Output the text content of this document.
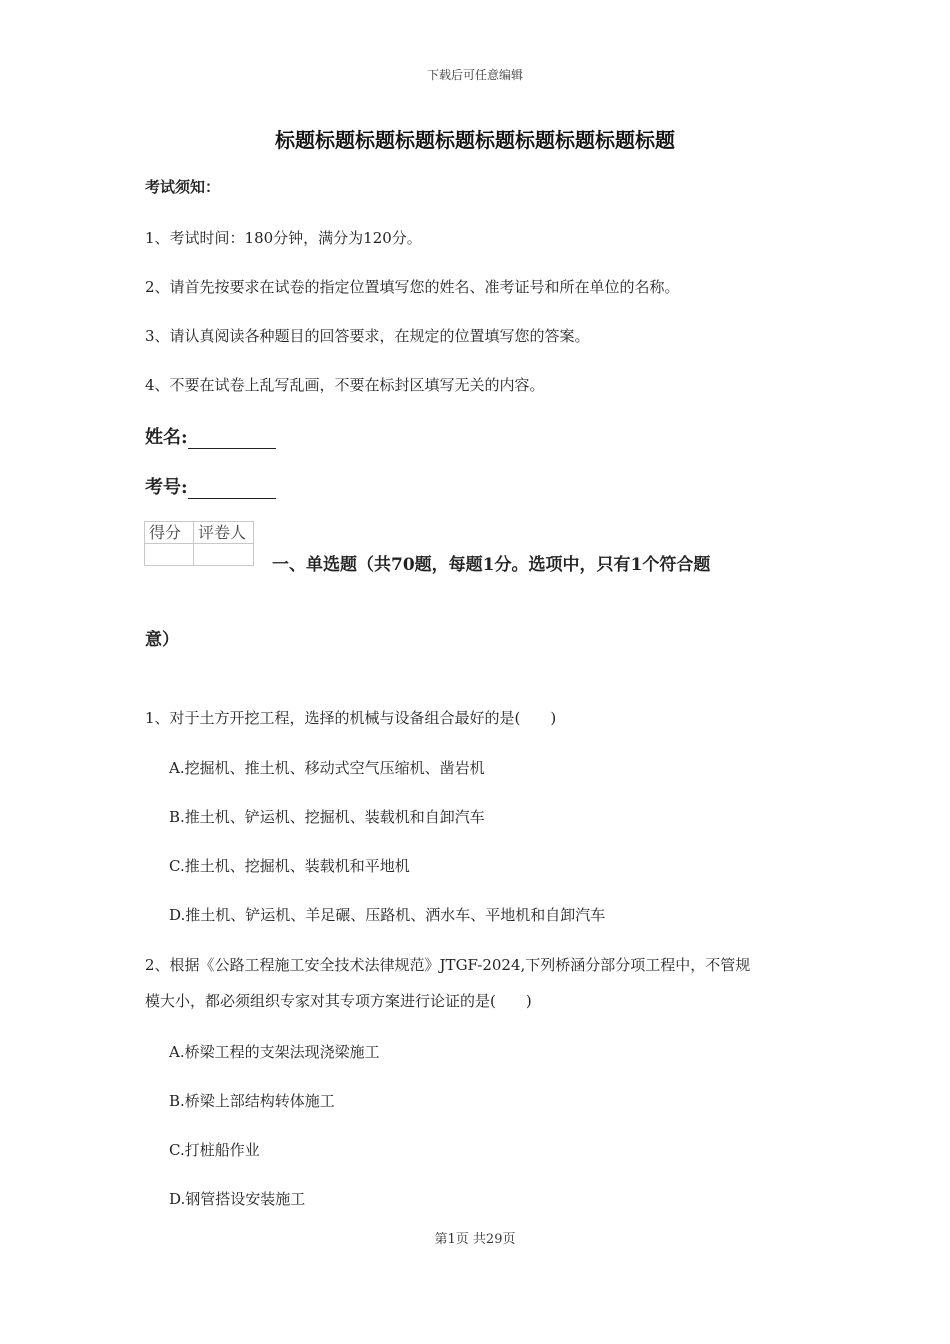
下载后可任意编辑
标题标题标题标题标题标题标题标题标题标题
考试须知：
1、考试时间：180分钟，满分为120分。
2、请首先按要求在试卷的指定位置填写您的姓名、准考证号和所在单位的名称。
3、请认真阅读各种题目的回答要求，在规定的位置填写您的答案。
4、不要在试卷上乱写乱画，不要在标封区填写无关的内容。
姓名:
考号:
得分	评卷人

一、单选题（共70题，每题1分。选项中，只有1个符合题
意）
1、对于土方开挖工程，选择的机械与设备组合最好的是(　　)
A.挖掘机、推土机、移动式空气压缩机、凿岩机
B.推土机、铲运机、挖掘机、装载机和自卸汽车
C.推土机、挖掘机、装载机和平地机
D.推土机、铲运机、羊足碾、压路机、洒水车、平地机和自卸汽车
2、根据《公路工程施工安全技术法律规范》JTGF-2024,下列桥涵分部分项工程中，不管规
模大小，都必须组织专家对其专项方案进行论证的是(　　)
A.桥梁工程的支架法现浇梁施工
B.桥梁上部结构转体施工
C.打桩船作业
D.钢管搭设安装施工
第1页 共29页
